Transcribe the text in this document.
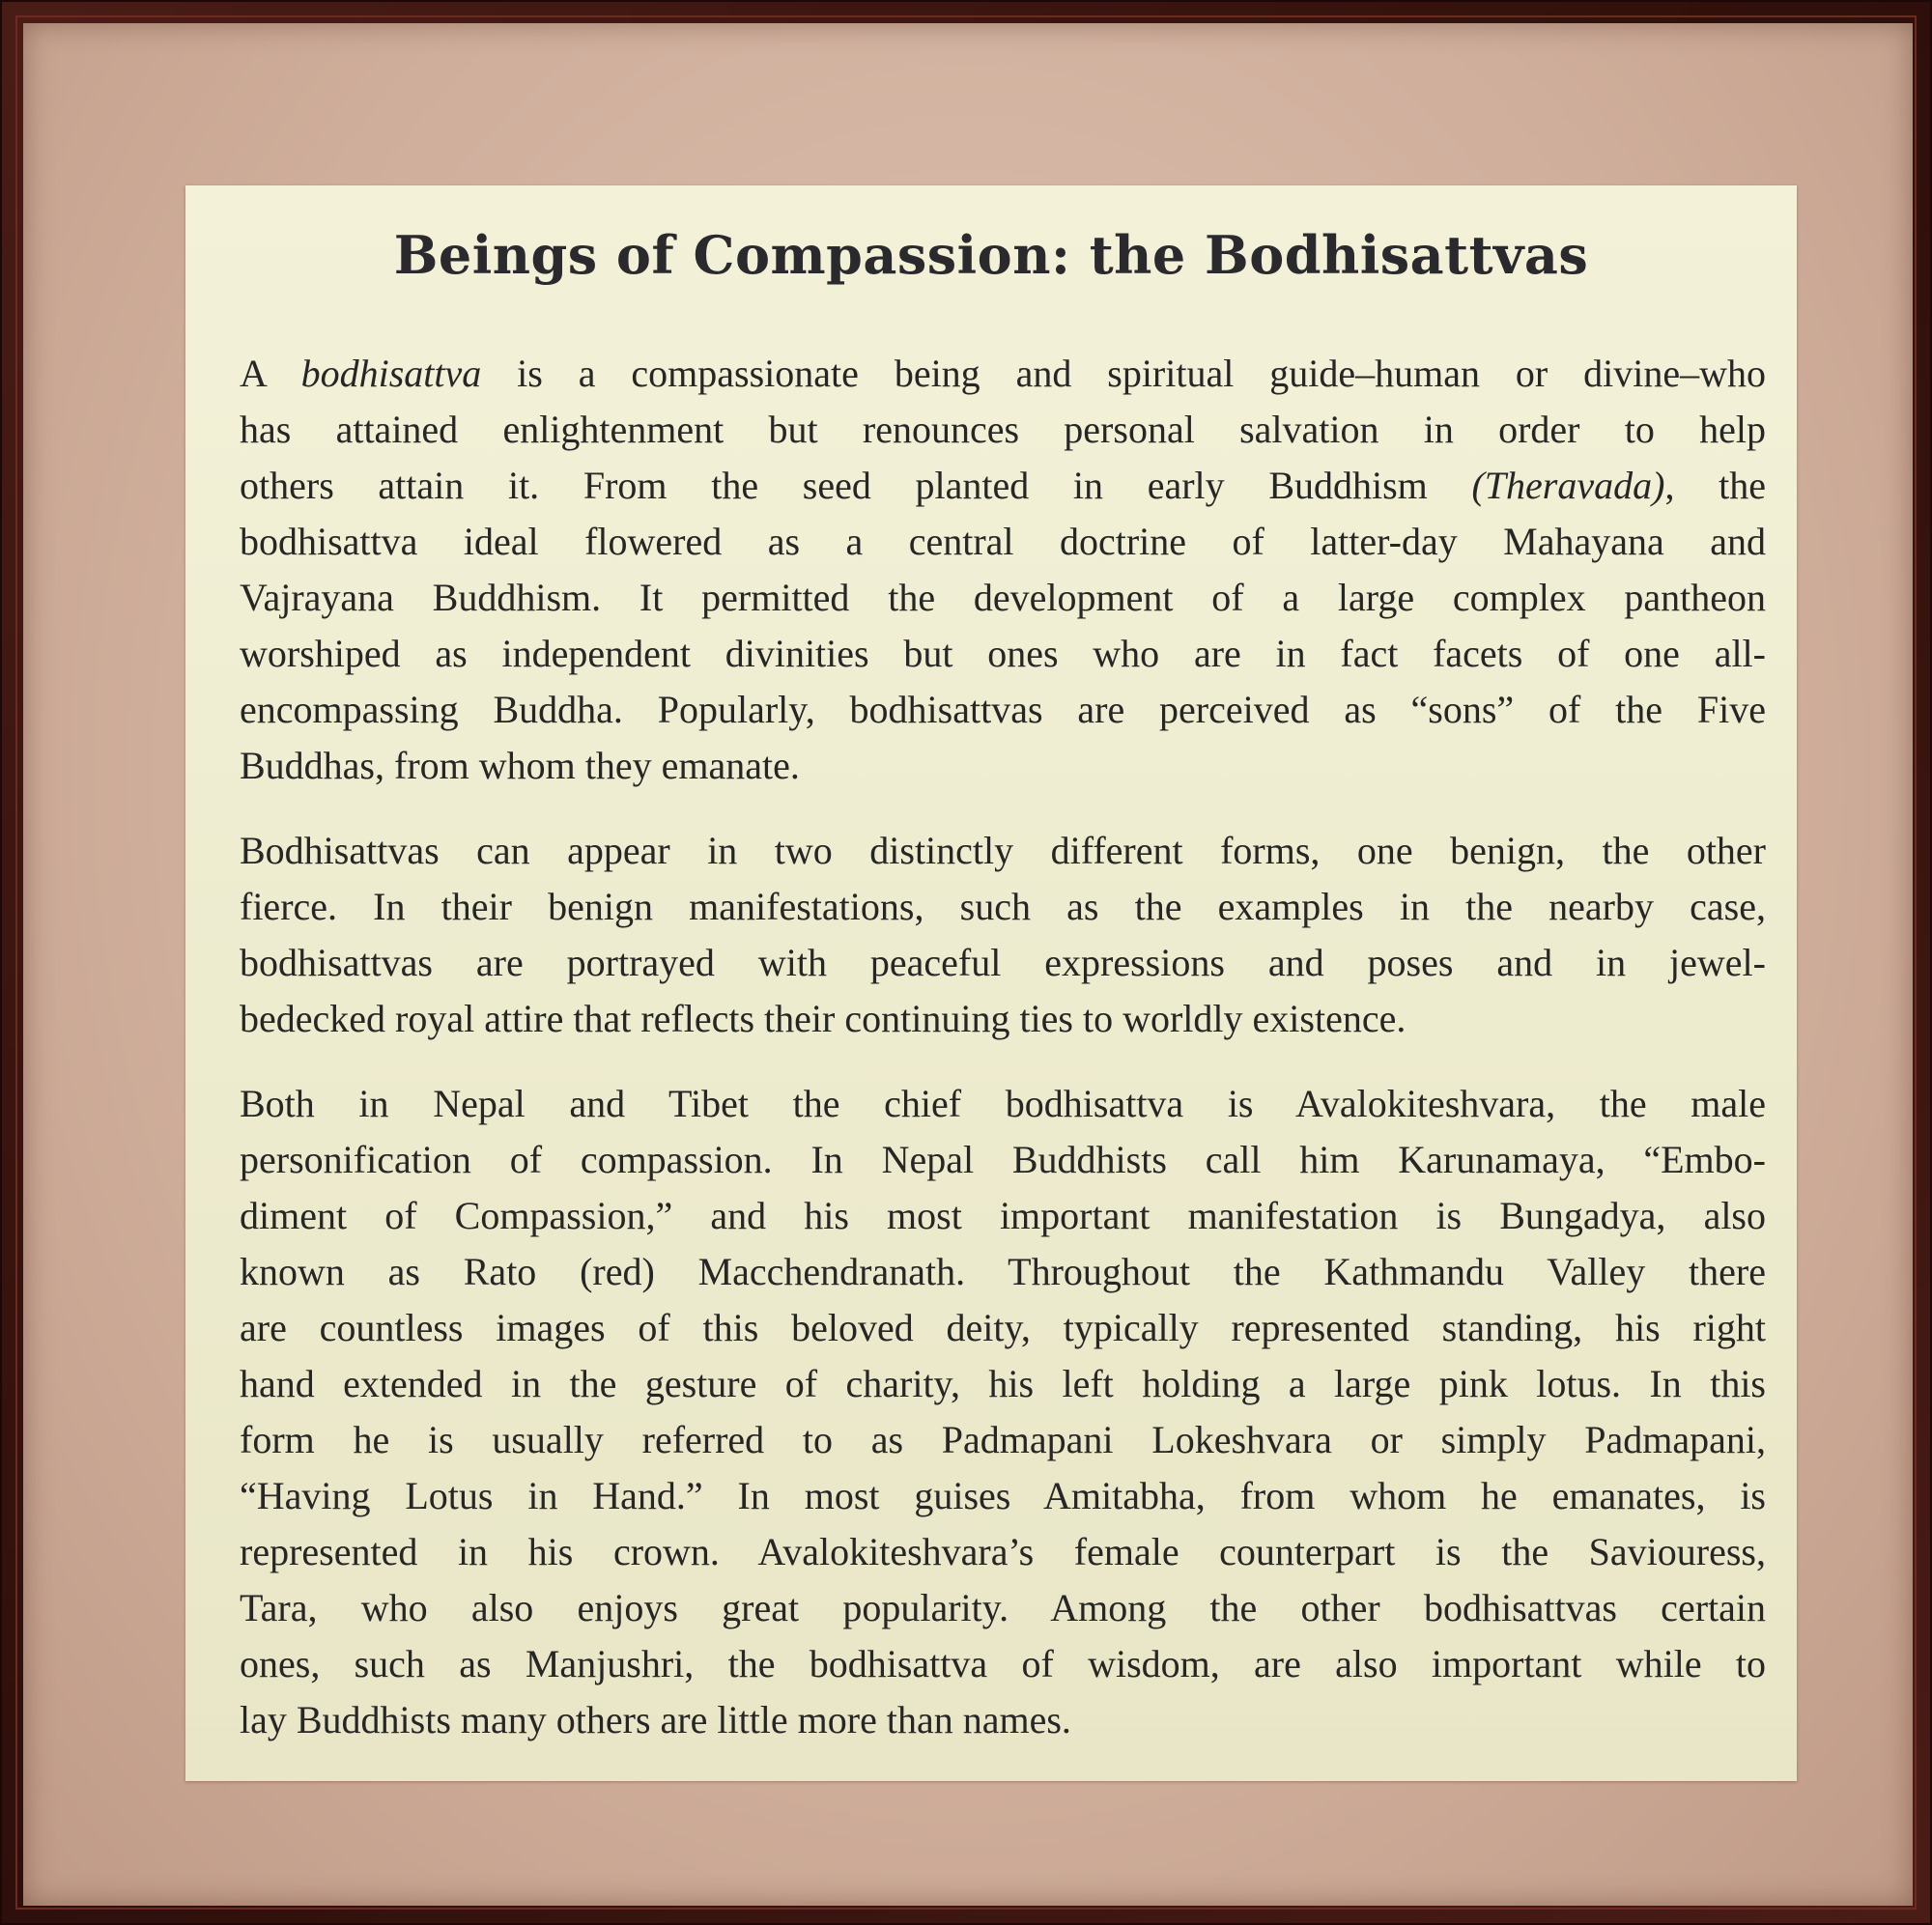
Beings of Compassion: the Bodhisattvas

A bodhisattva is a compassionate being and spiritual guide–human or divine–who
has attained enlightenment but renounces personal salvation in order to help
others attain it. From the seed planted in early Buddhism (Theravada), the
bodhisattva ideal flowered as a central doctrine of latter-day Mahayana and
Vajrayana Buddhism. It permitted the development of a large complex pantheon
worshiped as independent divinities but ones who are in fact facets of one all-
encompassing Buddha. Popularly, bodhisattvas are perceived as “sons” of the Five
Buddhas, from whom they emanate.

Bodhisattvas can appear in two distinctly different forms, one benign, the other
fierce. In their benign manifestations, such as the examples in the nearby case,
bodhisattvas are portrayed with peaceful expressions and poses and in jewel-
bedecked royal attire that reflects their continuing ties to worldly existence.

Both in Nepal and Tibet the chief bodhisattva is Avalokiteshvara, the male
personification of compassion. In Nepal Buddhists call him Karunamaya, “Embo-
diment of Compassion,” and his most important manifestation is Bungadya, also
known as Rato (red) Macchendranath. Throughout the Kathmandu Valley there
are countless images of this beloved deity, typically represented standing, his right
hand extended in the gesture of charity, his left holding a large pink lotus. In this
form he is usually referred to as Padmapani Lokeshvara or simply Padmapani,
“Having Lotus in Hand.” In most guises Amitabha, from whom he emanates, is
represented in his crown. Avalokiteshvara’s female counterpart is the Saviouress,
Tara, who also enjoys great popularity. Among the other bodhisattvas certain
ones, such as Manjushri, the bodhisattva of wisdom, are also important while to
lay Buddhists many others are little more than names.
